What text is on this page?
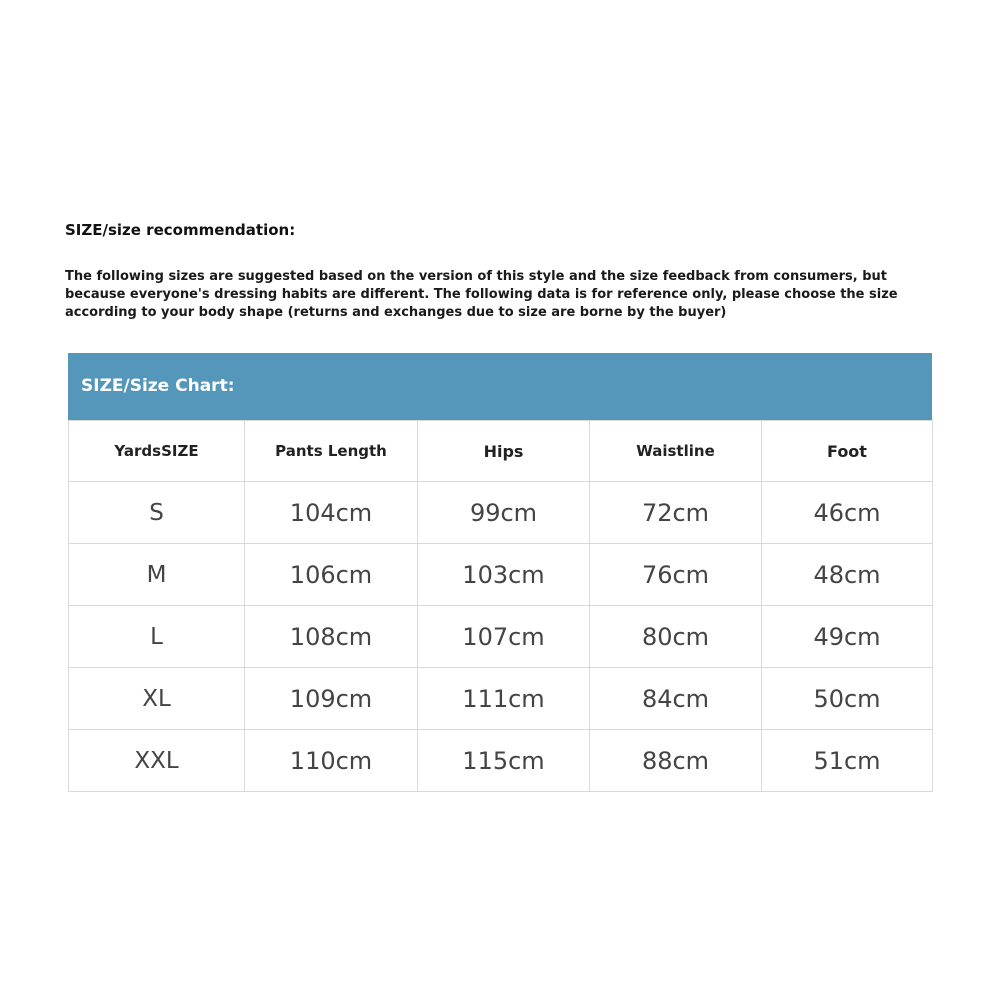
SIZE/size recommendation:
The following sizes are suggested based on the version of this style and the size feedback from consumers, but
because everyone's dressing habits are different. The following data is for reference only, please choose the size
according to your body shape (returns and exchanges due to size are borne by the buyer)
SIZE/Size Chart:
YardsSIZE	Pants Length	Hips	Waistline	Foot
S	104cm	99cm	72cm	46cm
M	106cm	103cm	76cm	48cm
L	108cm	107cm	80cm	49cm
XL	109cm	111cm	84cm	50cm
XXL	110cm	115cm	88cm	51cm
